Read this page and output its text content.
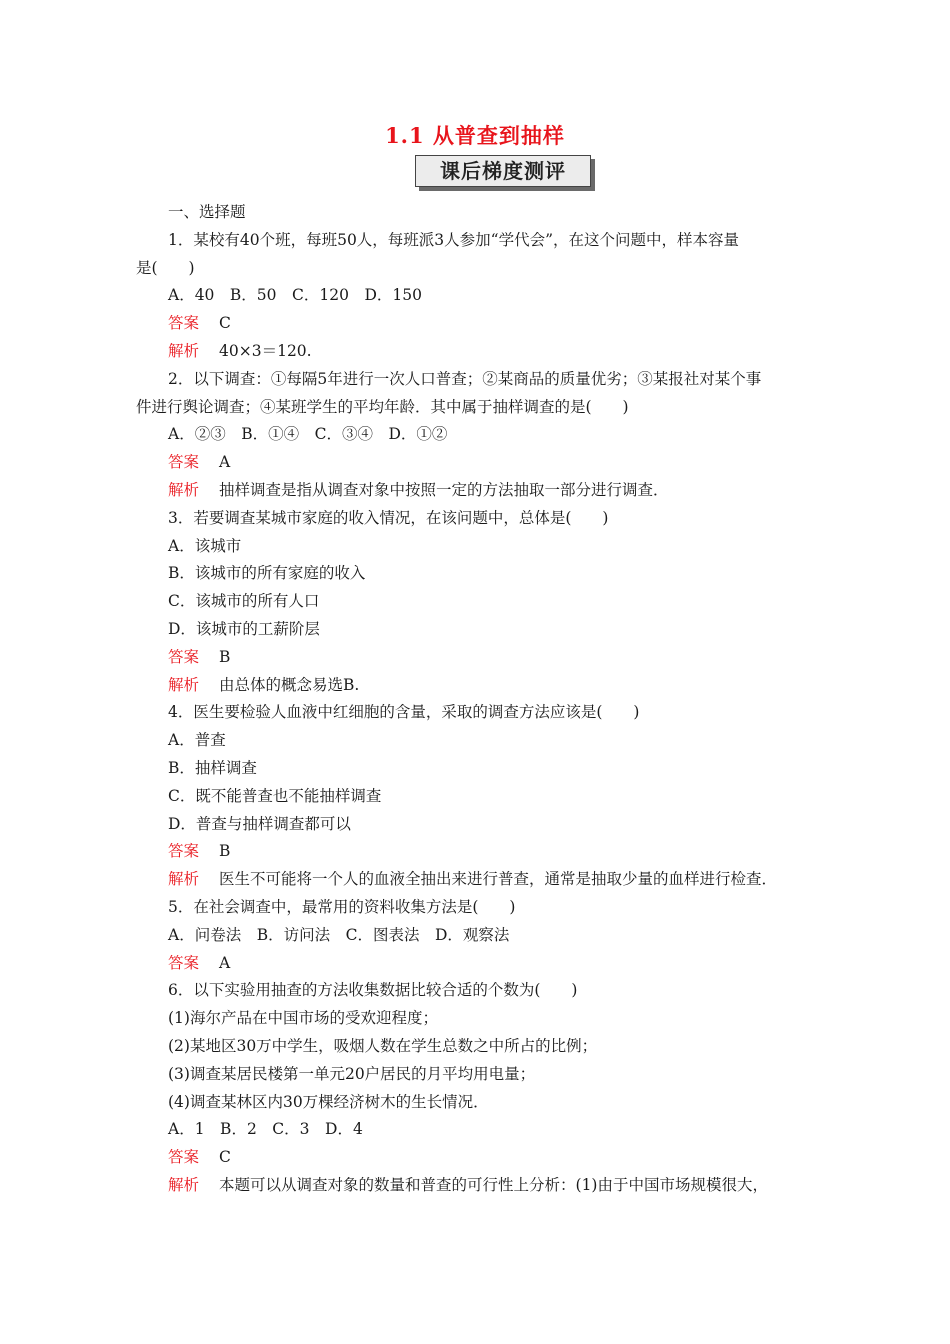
1.1 从普查到抽样
课后梯度测评
一、选择题
1．某校有40个班，每班50人，每班派3人参加“学代会”，在这个问题中，样本容量
是(　　)
A．40　B．50　C．120　D．150
答案 C
解析 40×3＝120.
2．以下调查：①每隔5年进行一次人口普查；②某商品的质量优劣；③某报社对某个事
件进行舆论调查；④某班学生的平均年龄．其中属于抽样调查的是(　　)
A．②③　B．①④　C．③④　D．①②
答案 A
解析 抽样调查是指从调查对象中按照一定的方法抽取一部分进行调查．
3．若要调查某城市家庭的收入情况，在该问题中，总体是(　　)
A．该城市
B．该城市的所有家庭的收入
C．该城市的所有人口
D．该城市的工薪阶层
答案 B
解析 由总体的概念易选B.
4．医生要检验人血液中红细胞的含量，采取的调查方法应该是(　　)
A．普查
B．抽样调查
C．既不能普查也不能抽样调查
D．普查与抽样调查都可以
答案 B
解析 医生不可能将一个人的血液全抽出来进行普查，通常是抽取少量的血样进行检查．
5．在社会调查中，最常用的资料收集方法是(　　)
A．问卷法　B．访问法　C．图表法　D．观察法
答案 A
6．以下实验用抽查的方法收集数据比较合适的个数为(　　)
(1)海尔产品在中国市场的受欢迎程度；
(2)某地区30万中学生，吸烟人数在学生总数之中所占的比例；
(3)调查某居民楼第一单元20户居民的月平均用电量；
(4)调查某林区内30万棵经济树木的生长情况．
A．1　B．2　C．3　D．4
答案 C
解析 本题可以从调查对象的数量和普查的可行性上分析：(1)由于中国市场规模很大，
